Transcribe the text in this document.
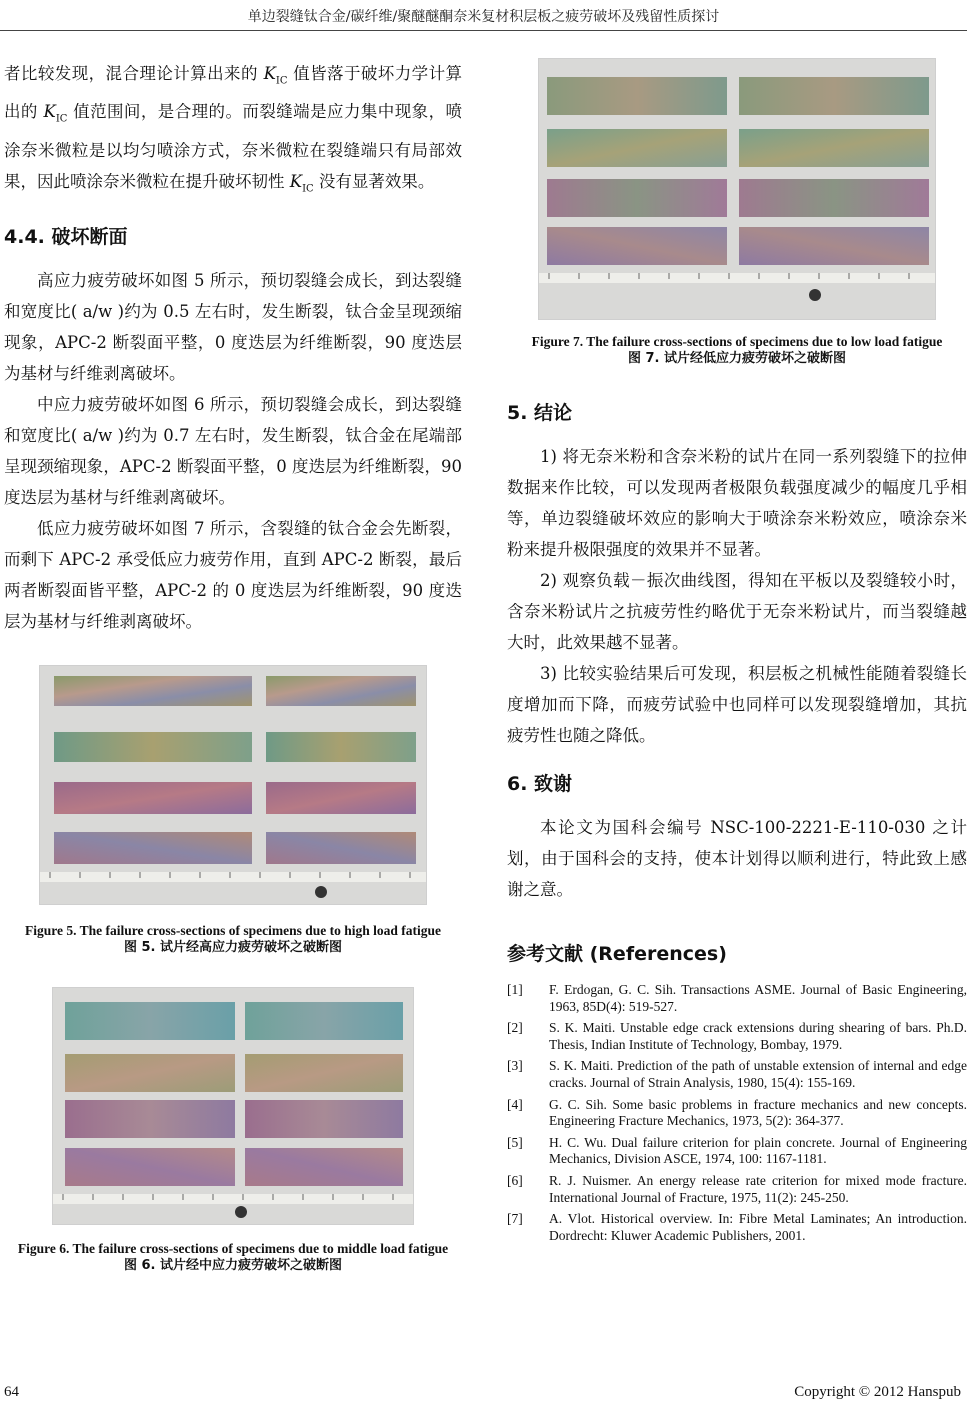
单边裂缝钛合金/碳纤维/聚醚醚酮奈米复材积层板之疲劳破坏及残留性质探讨

者比较发现，混合理论计算出来的 $K_{IC}$ 值皆落于破坏力学计算出的 $K_{IC}$ 值范围间，是合理的。而裂缝端是应力集中现象，喷涂奈米微粒是以均匀喷涂方式，奈米微粒在裂缝端只有局部效果，因此喷涂奈米微粒在提升破坏韧性 $K_{IC}$ 没有显著效果。

4.4. 破坏断面

高应力疲劳破坏如图 5 所示，预切裂缝会成长，到达裂缝和宽度比( a/w )约为 0.5 左右时，发生断裂，钛合金呈现颈缩现象，APC-2 断裂面平整，0 度迭层为纤维断裂，90 度迭层为基材与纤维剥离破坏。

中应力疲劳破坏如图 6 所示，预切裂缝会成长，到达裂缝和宽度比( a/w )约为 0.7 左右时，发生断裂，钛合金在尾端部呈现颈缩现象，APC-2 断裂面平整，0 度迭层为纤维断裂，90 度迭层为基材与纤维剥离破坏。

低应力疲劳破坏如图 7 所示，含裂缝的钛合金会先断裂，而剩下 APC-2 承受低应力疲劳作用，直到 APC-2 断裂，最后两者断裂面皆平整，APC-2 的 0 度迭层为纤维断裂，90 度迭层为基材与纤维剥离破坏。

Figure 5. The failure cross-sections of specimens due to high load fatigue
图 5. 试片经高应力疲劳破坏之破断图
Figure 6. The failure cross-sections of specimens due to middle load fatigue
图 6. 试片经中应力疲劳破坏之破断图
Figure 7. The failure cross-sections of specimens due to low load fatigue
图 7. 试片经低应力疲劳破坏之破断图
5. 结论

1) 将无奈米粉和含奈米粉的试片在同一系列裂缝下的拉伸数据来作比较，可以发现两者极限负载强度减少的幅度几乎相等，单边裂缝破坏效应的影响大于喷涂奈米粉效应，喷涂奈米粉来提升极限强度的效果并不显著。

2) 观察负载－振次曲线图，得知在平板以及裂缝较小时，含奈米粉试片之抗疲劳性约略优于无奈米粉试片，而当裂缝越大时，此效果越不显著。

3) 比较实验结果后可发现，积层板之机械性能随着裂缝长度增加而下降，而疲劳试验中也同样可以发现裂缝增加，其抗疲劳性也随之降低。

6. 致谢

本论文为国科会编号 NSC-100-2221-E-110-030 之计划，由于国科会的支持，使本计划得以顺利进行，特此致上感谢之意。

参考文献 (References)
[1]	F. Erdogan, G. C. Sih. Transactions ASME. Journal of Basic Engineering, 1963, 85D(4): 519-527.
[2]	S. K. Maiti. Unstable edge crack extensions during shearing of bars. Ph.D. Thesis, Indian Institute of Technology, Bombay, 1979.
[3]	S. K. Maiti. Prediction of the path of unstable extension of internal and edge cracks. Journal of Strain Analysis, 1980, 15(4): 155-169.
[4]	G. C. Sih. Some basic problems in fracture mechanics and new concepts. Engineering Fracture Mechanics, 1973, 5(2): 364-377.
[5]	H. C. Wu. Dual failure criterion for plain concrete. Journal of Engineering Mechanics, Division ASCE, 1974, 100: 1167-1181.
[6]	R. J. Nuismer. An energy release rate criterion for mixed mode fracture. International Journal of Fracture, 1975, 11(2): 245-250.
[7]	A. Vlot. Historical overview. In: Fibre Metal Laminates; An introduction. Dordrecht: Kluwer Academic Publishers, 2001.
64	Copyright © 2012 Hanspub
